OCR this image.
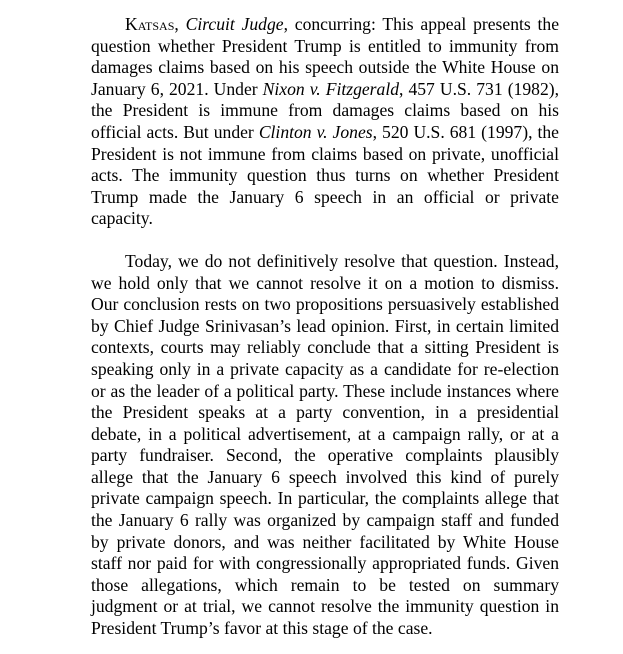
Katsas, Circuit Judge, concurring: This appeal presents the question whether President Trump is entitled to immunity from damages claims based on his speech outside the White House on January 6, 2021. Under Nixon v. Fitzgerald, 457 U.S. 731 (1982), the President is immune from damages claims based on his official acts. But under Clinton v. Jones, 520 U.S. 681 (1997), the President is not immune from claims based on private, unofficial acts. The immunity question thus turns on whether President Trump made the January 6 speech in an official or private capacity.

Today, we do not definitively resolve that question. Instead, we hold only that we cannot resolve it on a motion to dismiss. Our conclusion rests on two propositions persuasively established by Chief Judge Srinivasan’s lead opinion. First, in certain limited contexts, courts may reliably conclude that a sitting President is speaking only in a private capacity as a candidate for re-election or as the leader of a political party. These include instances where the President speaks at a party convention, in a presidential debate, in a political advertisement, at a campaign rally, or at a party fundraiser. Second, the operative complaints plausibly allege that the January 6 speech involved this kind of purely private campaign speech. In particular, the complaints allege that the January 6 rally was organized by campaign staff and funded by private donors, and was neither facilitated by White House staff nor paid for with congressionally appropriated funds. Given those allegations, which remain to be tested on summary judgment or at trial, we cannot resolve the immunity question in President Trump’s favor at this stage of the case.
